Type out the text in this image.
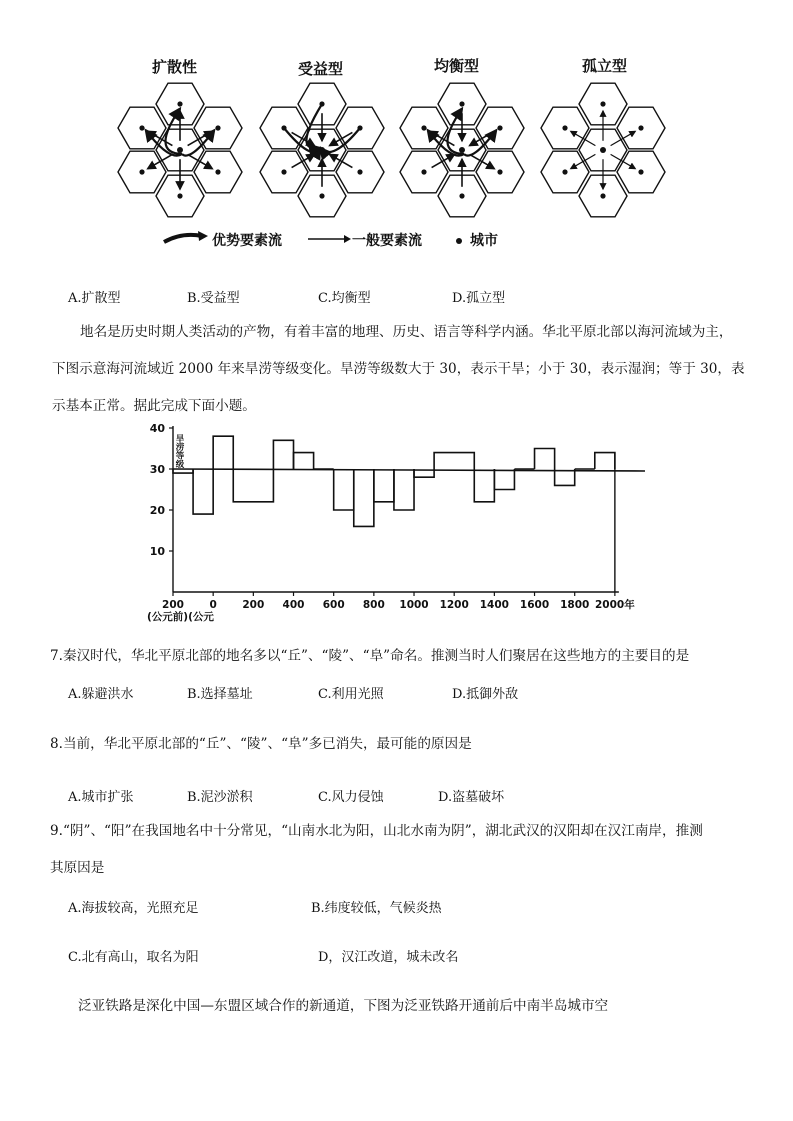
扩散性	受益型	均衡型	孤立型
优势要素流	一般要素流	城市
A.扩散型	B.受益型	C.均衡型	D.孤立型
地名是历史时期人类活动的产物，有着丰富的地理、历史、语言等科学内涵。华北平原北部以海河流域为主，
下图示意海河流域近 2000 年来旱涝等级变化。旱涝等级数大于 30，表示干旱；小于 30，表示湿润；等于 30，表
示基本正常。据此完成下面小题。
40
30
20
10
200 0 200 400 600 800 1000 1200 1400 1600 1800 2000年
(公元前)(公元
旱涝等级
7.秦汉时代，华北平原北部的地名多以“丘”、“陵”、“阜”命名。推测当时人们聚居在这些地方的主要目的是
A.躲避洪水	B.选择墓址	C.利用光照	D.抵御外敌
8.当前，华北平原北部的“丘”、“陵”、“阜”多已消失，最可能的原因是
A.城市扩张	B.泥沙淤积	C.风力侵蚀	D.盗墓破坏
9.“阴”、“阳”在我国地名中十分常见，“山南水北为阳，山北水南为阴”，湖北武汉的汉阳却在汉江南岸，推测
其原因是
A.海拔较高，光照充足	B.纬度较低，气候炎热
C.北有高山，取名为阳	D，汉江改道，城未改名
泛亚铁路是深化中国—东盟区域合作的新通道，下图为泛亚铁路开通前后中南半岛城市空
